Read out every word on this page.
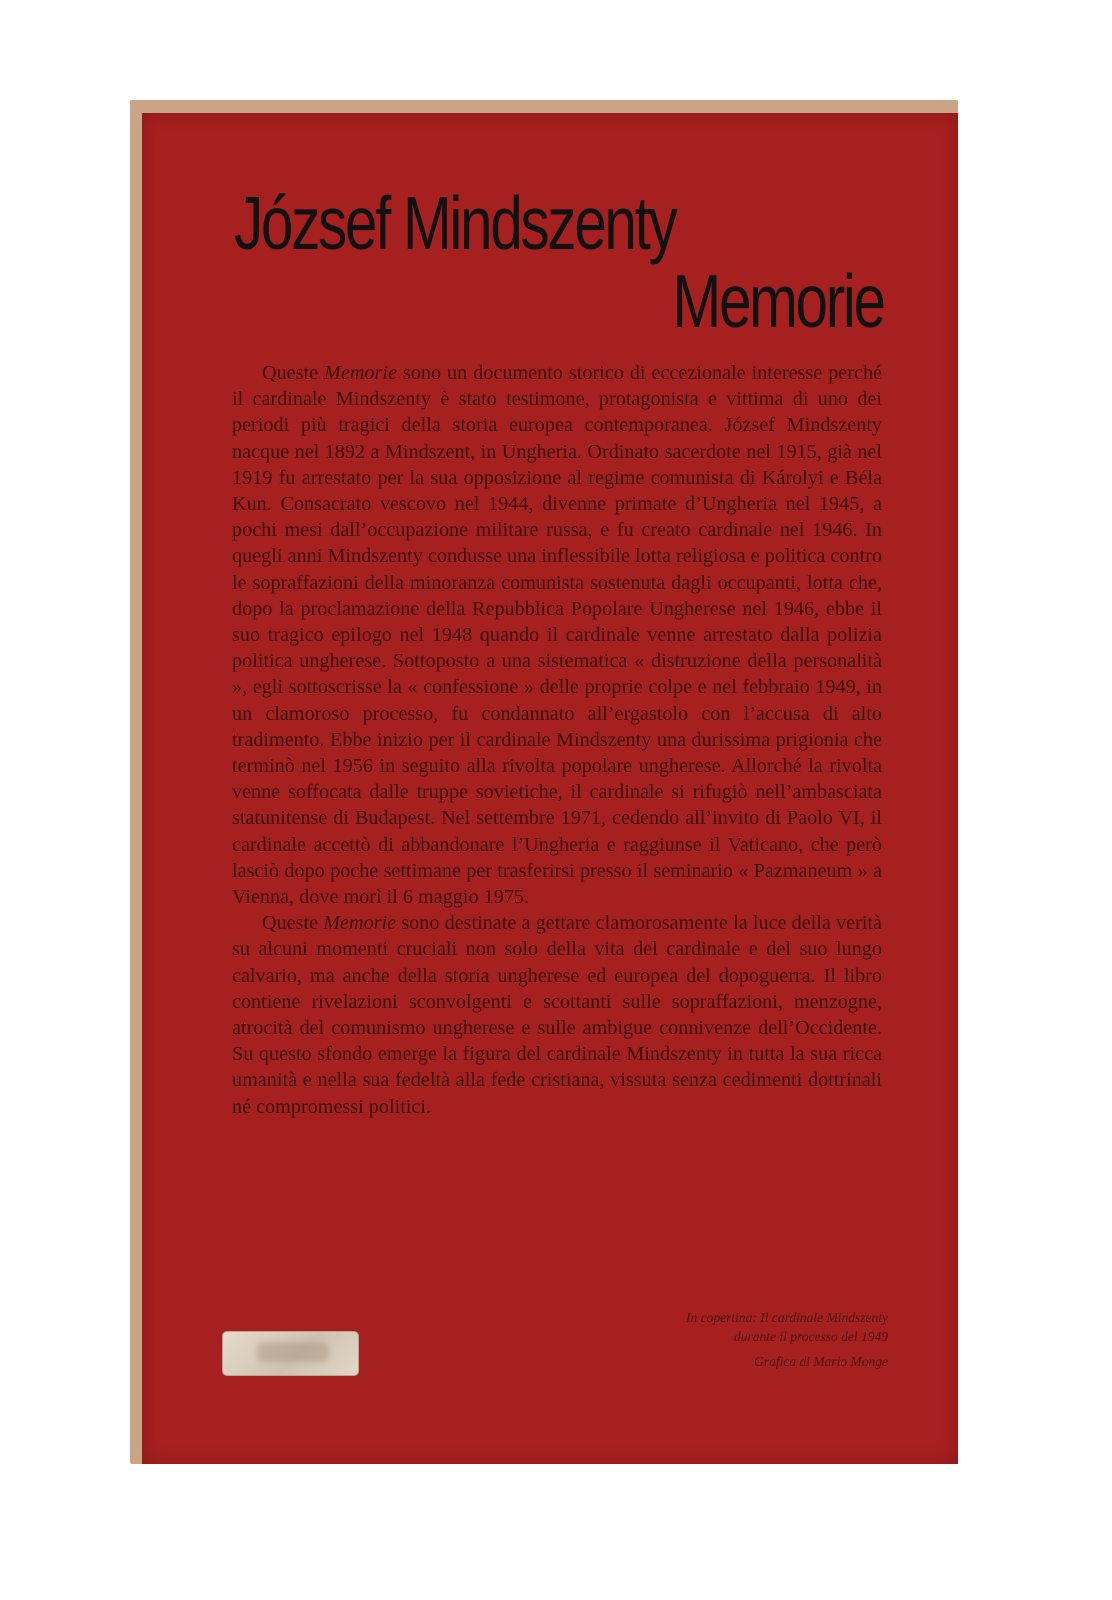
József Mindszenty
Memorie

Queste Memorie sono un documento storico di eccezionale interesse perché il cardinale Mindszenty è stato testimone, protagonista e vittima di uno dei periodi più tragici della storia europea contemporanea. József Mindszenty nacque nel 1892 a Mindszent, in Ungheria. Ordinato sacerdote nel 1915, già nel 1919 fu arrestato per la sua opposizione al regime comunista di Károlyi e Béla Kun. Consacrato vescovo nel 1944, divenne primate d’Ungheria nel 1945, a pochi mesi dall’occupazione militare russa, e fu creato cardinale nel 1946. In quegli anni Mindszenty condusse una inflessibile lotta religiosa e politica contro le sopraffazioni della minoranza comunista sostenuta dagli occupanti, lotta che, dopo la proclamazione della Repubblica Popolare Ungherese nel 1946, ebbe il suo tragico epilogo nel 1948 quando il cardinale venne arrestato dalla polizia politica ungherese. Sottoposto a una sistematica « distruzione della personalità », egli sottoscrisse la « confessione » delle proprie colpe e nel febbraio 1949, in un clamoroso processo, fu condannato all’ergastolo con l’accusa di alto tradimento. Ebbe inizio per il cardinale Mindszenty una durissima prigionia che terminò nel 1956 in seguito alla rivolta popolare ungherese. Allorché la rivolta venne soffocata dalle truppe sovietiche, il cardinale si rifugiò nell’ambasciata statunitense di Budapest. Nel settembre 1971, cedendo all’invito di Paolo VI, il cardinale accettò di abbandonare l’Ungheria e raggiunse il Vaticano, che però lasciò dopo poche settimane per trasferirsi presso il seminario « Pazmaneum » a Vienna, dove morì il 6 maggio 1975.

Queste Memorie sono destinate a gettare clamorosamente la luce della verità su alcuni momenti cruciali non solo della vita del cardinale e del suo lungo calvario, ma anche della storia ungherese ed europea del dopoguerra. Il libro contiene rivelazioni sconvolgenti e scottanti sulle sopraffazioni, menzogne, atrocità del comunismo ungherese e sulle ambigue connivenze dell’Occidente. Su questo sfondo emerge la figura del cardinale Mindszenty in tutta la sua ricca umanità e nella sua fedeltà alla fede cristiana, vissuta senza cedimenti dottrinali né compromessi politici.

In copertina: Il cardinale Mindszenty
durante il processo del 1949
Grafica di Mario Monge
